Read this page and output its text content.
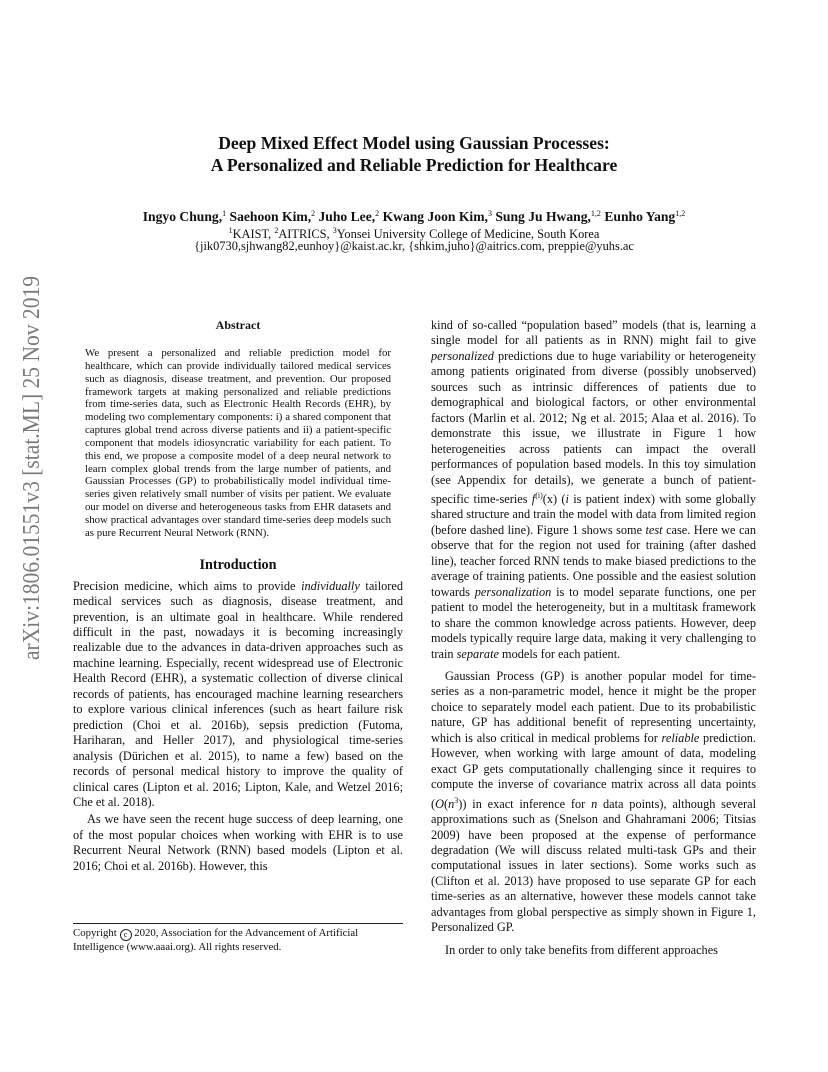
arXiv:1806.01551v3 [stat.ML] 25 Nov 2019
Deep Mixed Effect Model using Gaussian Processes:
A Personalized and Reliable Prediction for Healthcare
Ingyo Chung,$^1$ Saehoon Kim,$^2$ Juho Lee,$^2$ Kwang Joon Kim,$^3$ Sung Ju Hwang,$^{1,2}$ Eunho Yang$^{1,2}$
$^1$KAIST, $^2$AITRICS, $^3$Yonsei University College of Medicine, South Korea
{jik0730,sjhwang82,eunhoy}@kaist.ac.kr, {shkim,juho}@aitrics.com, preppie@yuhs.ac
Abstract
We present a personalized and reliable prediction model for healthcare, which can provide individually tailored medical services such as diagnosis, disease treatment, and prevention. Our proposed framework targets at making personalized and reliable predictions from time-series data, such as Electronic Health Records (EHR), by modeling two complementary components: i) a shared component that captures global trend across diverse patients and ii) a patient-specific component that models idiosyncratic variability for each patient. To this end, we propose a composite model of a deep neural network to learn complex global trends from the large number of patients, and Gaussian Processes (GP) to probabilistically model individual time-series given relatively small number of visits per patient. We evaluate our model on diverse and heterogeneous tasks from EHR datasets and show practical advantages over standard time-series deep models such as pure Recurrent Neural Network (RNN).
Introduction

Precision medicine, which aims to provide individually tailored medical services such as diagnosis, disease treatment, and prevention, is an ultimate goal in healthcare. While rendered difficult in the past, nowadays it is becoming increasingly realizable due to the advances in data-driven approaches such as machine learning. Especially, recent widespread use of Electronic Health Record (EHR), a systematic collection of diverse clinical records of patients, has encouraged machine learning researchers to explore various clinical inferences (such as heart failure risk prediction (Choi et al. 2016b), sepsis prediction (Futoma, Hariharan, and Heller 2017), and physiological time-series analysis (Dürichen et al. 2015), to name a few) based on the records of personal medical history to improve the quality of clinical cares (Lipton et al. 2016; Lipton, Kale, and Wetzel 2016; Che et al. 2018).

As we have seen the recent huge success of deep learning, one of the most popular choices when working with EHR is to use Recurrent Neural Network (RNN) based models (Lipton et al. 2016; Choi et al. 2016b). However, this

Copyright c 2020, Association for the Advancement of Artificial Intelligence (www.aaai.org). All rights reserved.

kind of so-called “population based” models (that is, learning a single model for all patients as in RNN) might fail to give personalized predictions due to huge variability or heterogeneity among patients originated from diverse (possibly unobserved) sources such as intrinsic differences of patients due to demographical and biological factors, or other environmental factors (Marlin et al. 2012; Ng et al. 2015; Alaa et al. 2016). To demonstrate this issue, we illustrate in Figure 1 how heterogeneities across patients can impact the overall performances of population based models. In this toy simulation (see Appendix for details), we generate a bunch of patient-specific time-series $f^{(i)}(x)$ (i is patient index) with some globally shared structure and train the model with data from limited region (before dashed line). Figure 1 shows some test case. Here we can observe that for the region not used for training (after dashed line), teacher forced RNN tends to make biased predictions to the average of training patients. One possible and the easiest solution towards personalization is to model separate functions, one per patient to model the heterogeneity, but in a multitask framework to share the common knowledge across patients. However, deep models typically require large data, making it very challenging to train separate models for each patient.

Gaussian Process (GP) is another popular model for time-series as a non-parametric model, hence it might be the proper choice to separately model each patient. Due to its probabilistic nature, GP has additional benefit of representing uncertainty, which is also critical in medical problems for reliable prediction. However, when working with large amount of data, modeling exact GP gets computationally challenging since it requires to compute the inverse of covariance matrix across all data points $(O(n^3))$ in exact inference for n data points), although several approximations such as (Snelson and Ghahramani 2006; Titsias 2009) have been proposed at the expense of performance degradation (We will discuss related multi-task GPs and their computational issues in later sections). Some works such as (Clifton et al. 2013) have proposed to use separate GP for each time-series as an alternative, however these models cannot take advantages from global perspective as simply shown in Figure 1, Personalized GP.

In order to only take benefits from different approaches
